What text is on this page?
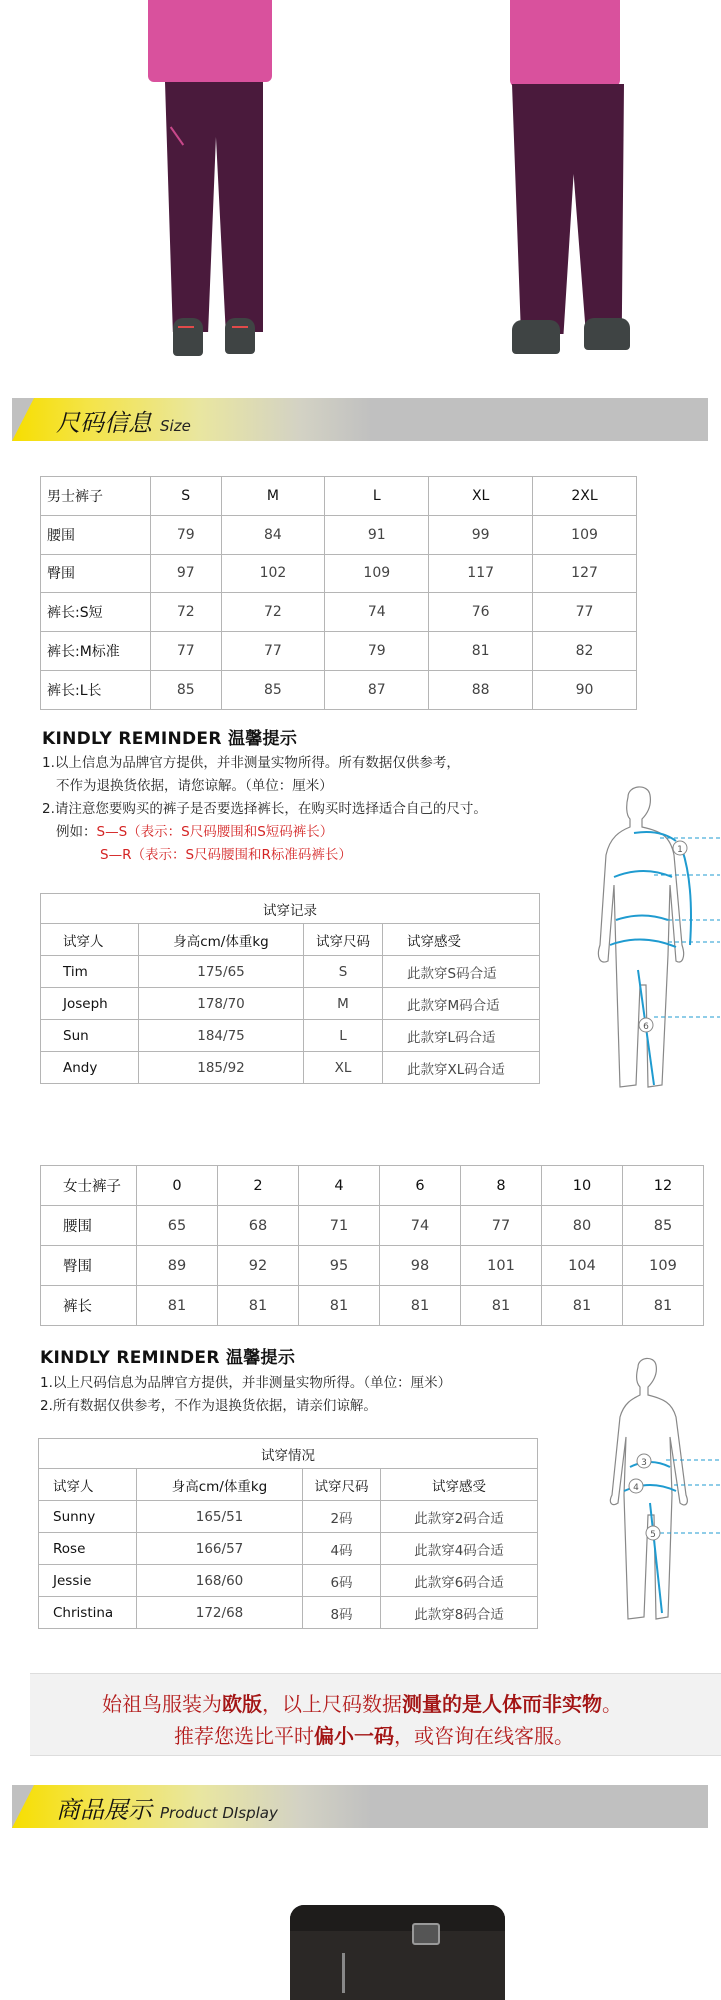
尺码信息 Size
男士裤子	S	M	L	XL	2XL
腰围	79	84	91	99	109
臀围	97	102	109	117	127
裤长:S短	72	72	74	76	77
裤长:M标准	77	77	79	81	82
裤长:L长	85	85	87	88	90
KINDLY REMINDER 温馨提示
1.以上信息为品牌官方提供，并非测量实物所得。所有数据仅供参考，
不作为退换货依据，请您谅解。（单位：厘米）
2.请注意您要购买的裤子是否要选择裤长，在购买时选择适合自己的尺寸。
例如：S—S（表示：S尺码腰围和S短码裤长）
S—R（表示：S尺码腰围和R标准码裤长）
试穿记录			
试穿人	身高cm/体重kg	试穿尺码	试穿感受
Tim	175/65	S	此款穿S码合适
Joseph	178/70	M	此款穿M码合适
Sun	184/75	L	此款穿L码合适
Andy	185/92	XL	此款穿XL码合适
1
6
女士裤子	0	2	4	6	8	10	12
腰围	65	68	71	74	77	80	85
臀围	89	92	95	98	101	104	109
裤长	81	81	81	81	81	81	81
KINDLY REMINDER 温馨提示
1.以上尺码信息为品牌官方提供，并非测量实物所得。（单位：厘米）
2.所有数据仅供参考，不作为退换货依据，请亲们谅解。
试穿情况			
试穿人	身高cm/体重kg	试穿尺码	试穿感受
Sunny	165/51	2码	此款穿2码合适
Rose	166/57	4码	此款穿4码合适
Jessie	168/60	6码	此款穿6码合适
Christina	172/68	8码	此款穿8码合适
3
4
5
始祖鸟服装为欧版，以上尺码数据测量的是人体而非实物。
推荐您选比平时偏小一码，或咨询在线客服。
商品展示 Product DIsplay
